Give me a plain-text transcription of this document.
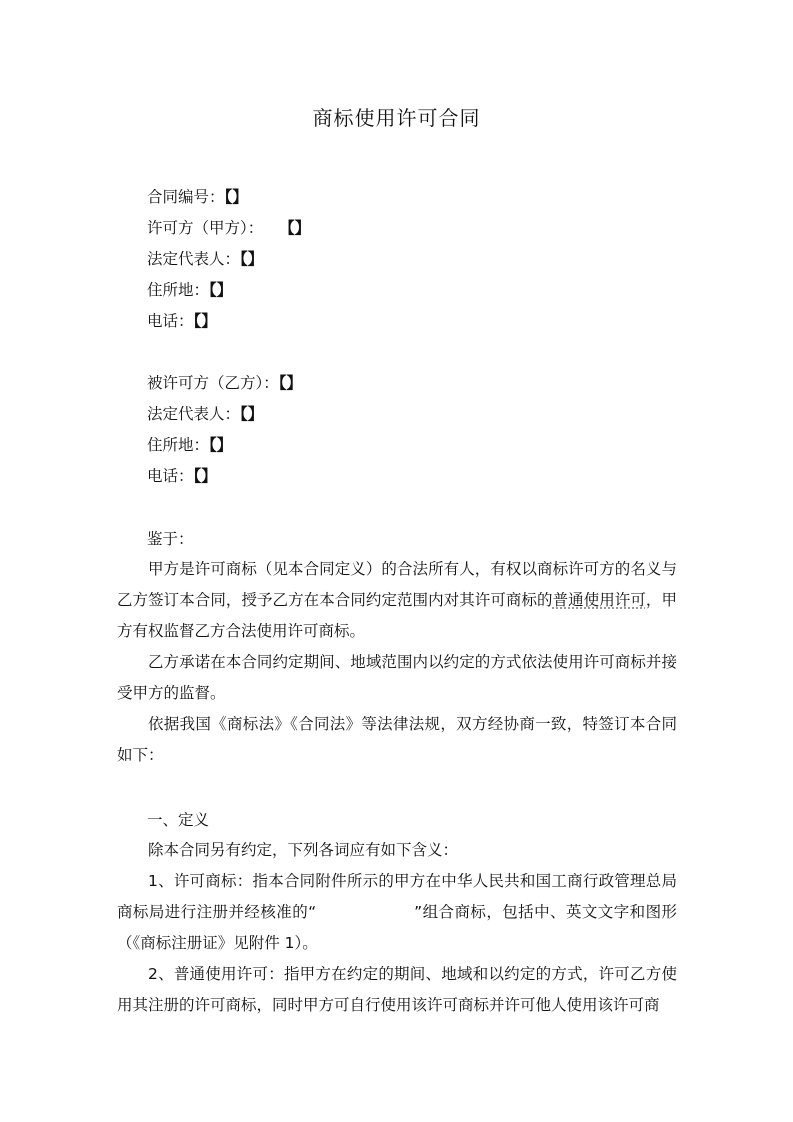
商标使用许可合同
合同编号：【】
许可方（甲方）： 【】
法定代表人：【】
住所地：【】
电话：【】
被许可方（乙方）：【】
法定代表人：【】
住所地：【】
电话：【】
鉴于：
甲方是许可商标（见本合同定义）的合法所有人，有权以商标许可方的名义与乙方签订本合同，授予乙方在本合同约定范围内对其许可商标的普通使用许可，甲方有权监督乙方合法使用许可商标。
乙方承诺在本合同约定期间、地域范围内以约定的方式依法使用许可商标并接受甲方的监督。
依据我国《商标法》《合同法》等法律法规，双方经协商一致，特签订本合同如下：
一、定义
除本合同另有约定，下列各词应有如下含义：
1、许可商标：指本合同附件所示的甲方在中华人民共和国工商行政管理总局商标局进行注册并经核准的“	”组合商标，包括中、英文文字和图形（《商标注册证》见附件 1）。
2、普通使用许可：指甲方在约定的期间、地域和以约定的方式，许可乙方使用其注册的许可商标，同时甲方可自行使用该许可商标并许可他人使用该许可商
